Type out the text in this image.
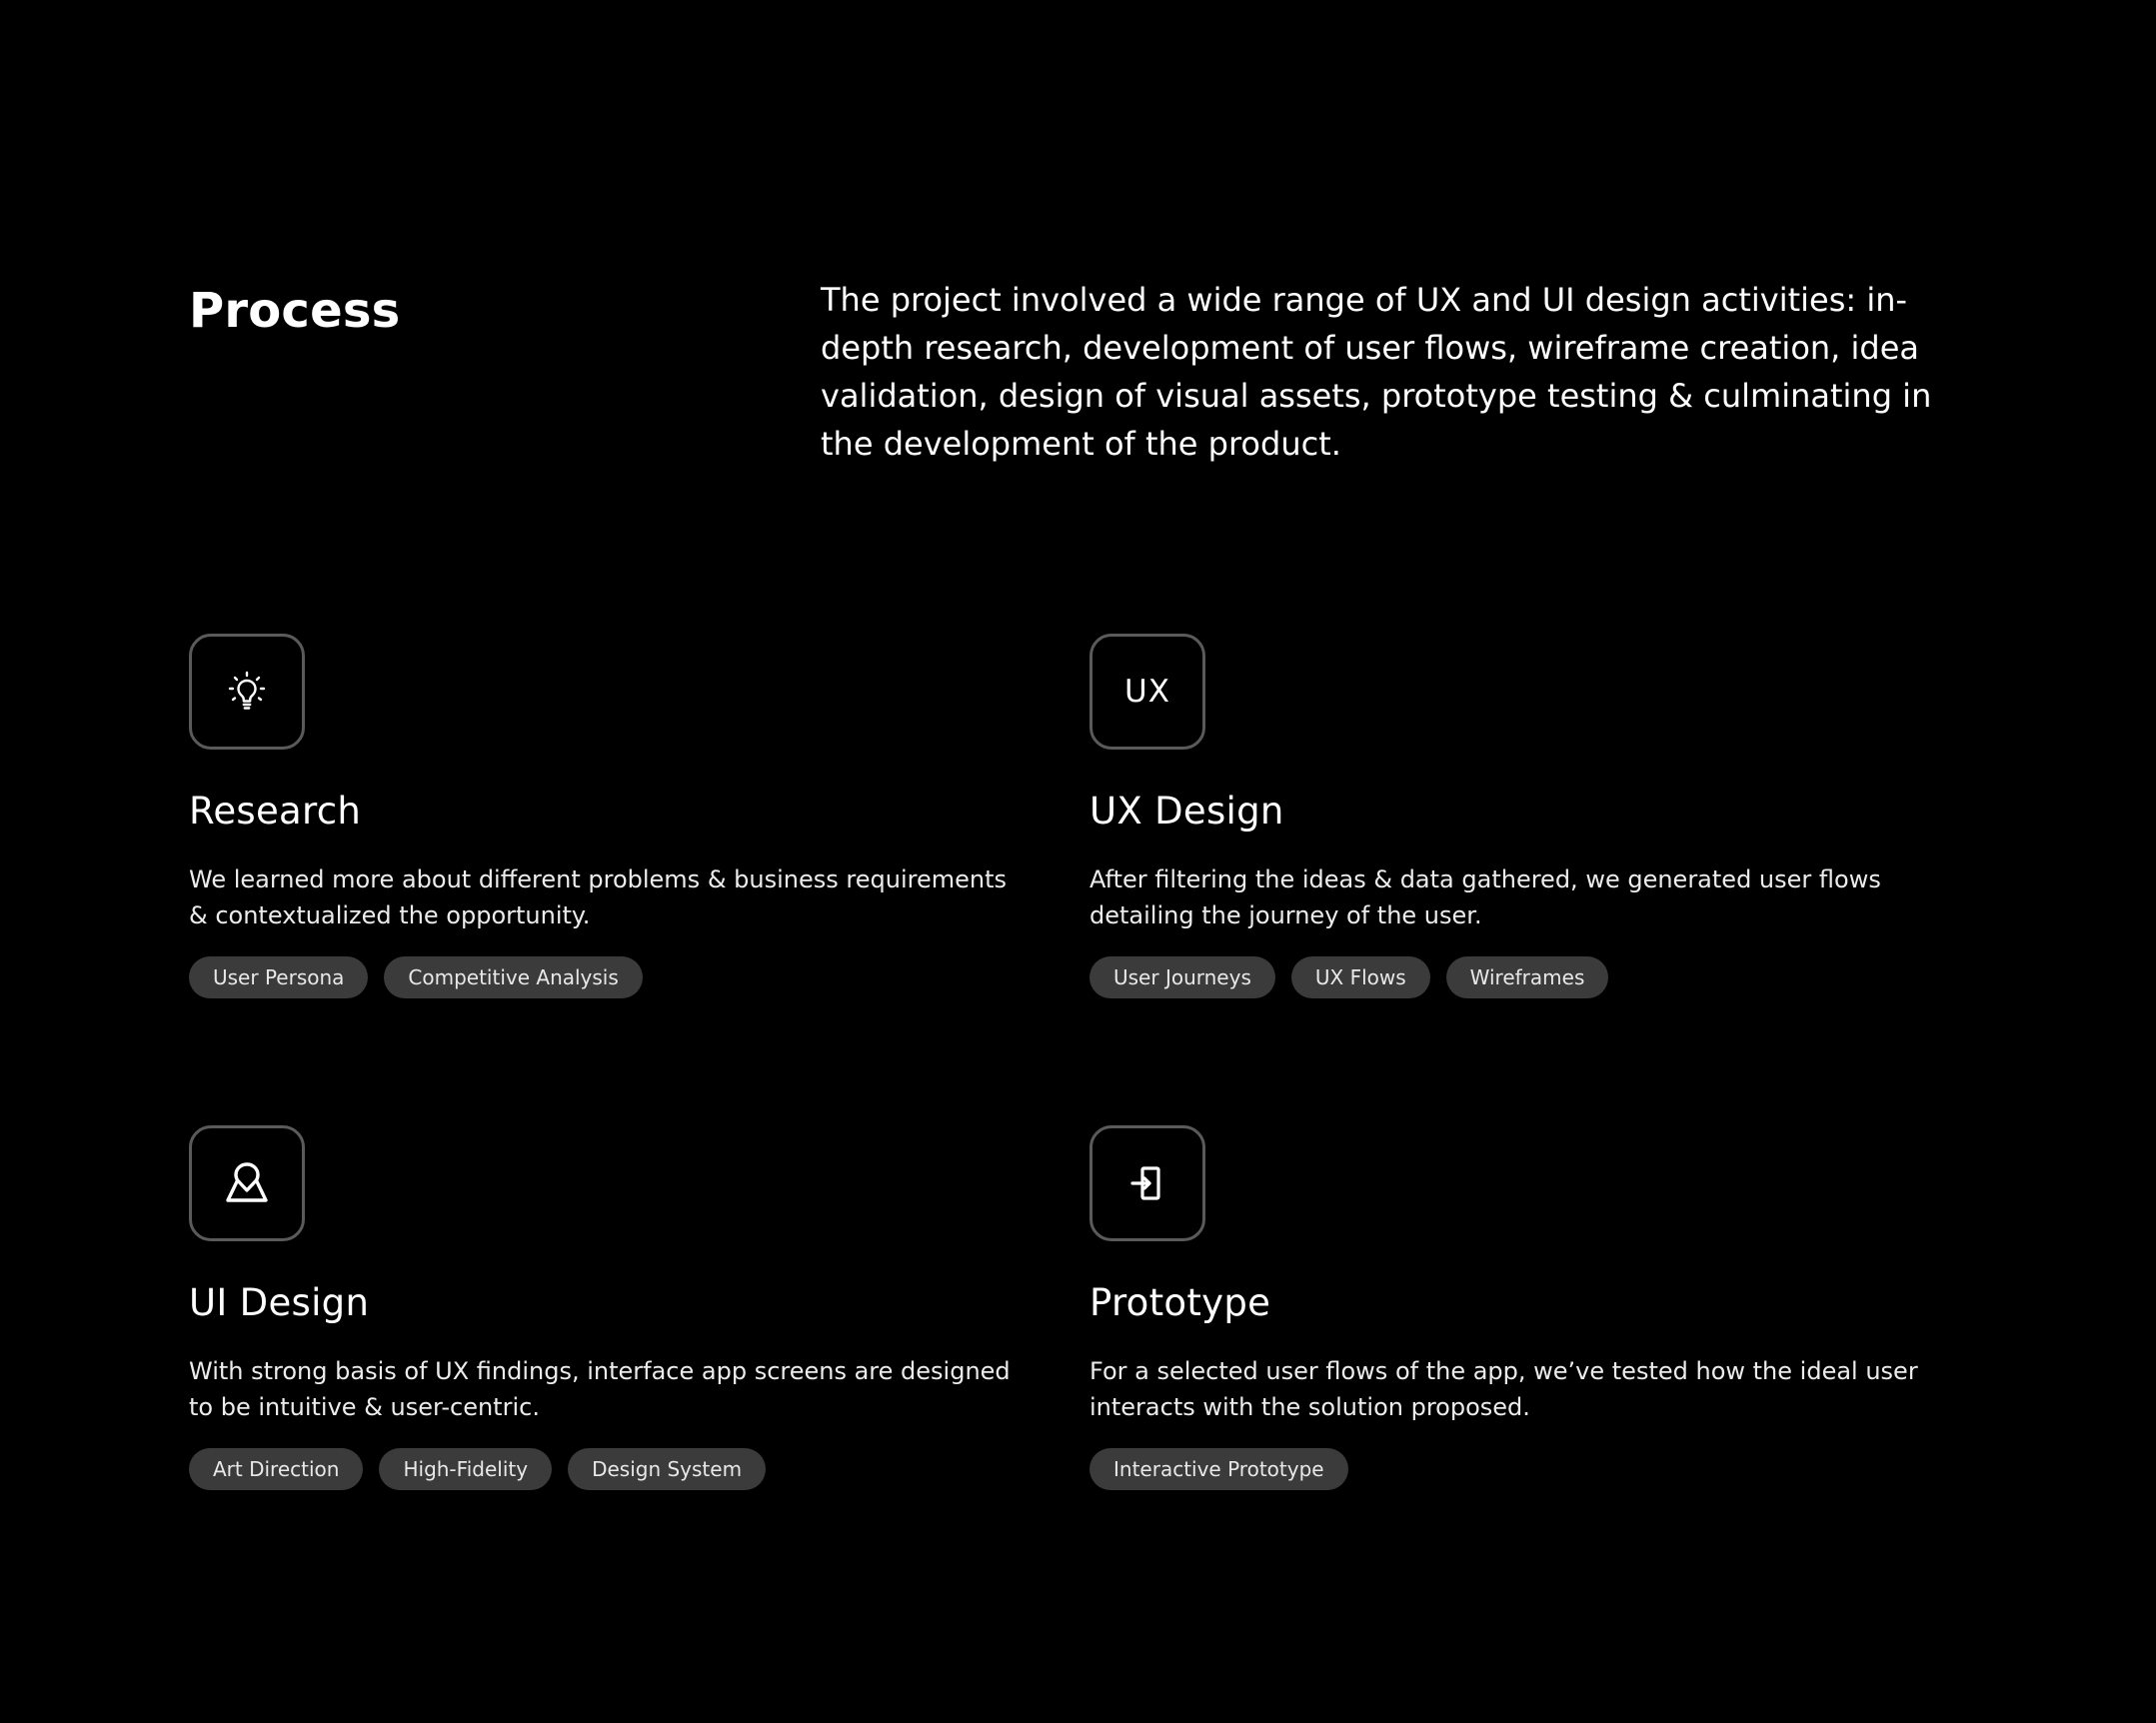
Process	The project involved a wide range of UX and UI design activities: in-depth research, development of user flows, wireframe creation, idea validation, design of visual assets, prototype testing & culminating in the development of the product.

Research

We learned more about different problems & business requirements & contextualized the opportunity.

User Persona	Competitive Analysis
UX
UX Design

After filtering the ideas & data gathered, we generated user flows detailing the journey of the user.

User Journeys	UX Flows	Wireframes
UI Design

With strong basis of UX findings, interface app screens are designed to be intuitive & user-centric.

Art Direction	High-Fidelity	Design System
Prototype

For a selected user flows of the app, we’ve tested how the ideal user interacts with the solution proposed.

Interactive Prototype
